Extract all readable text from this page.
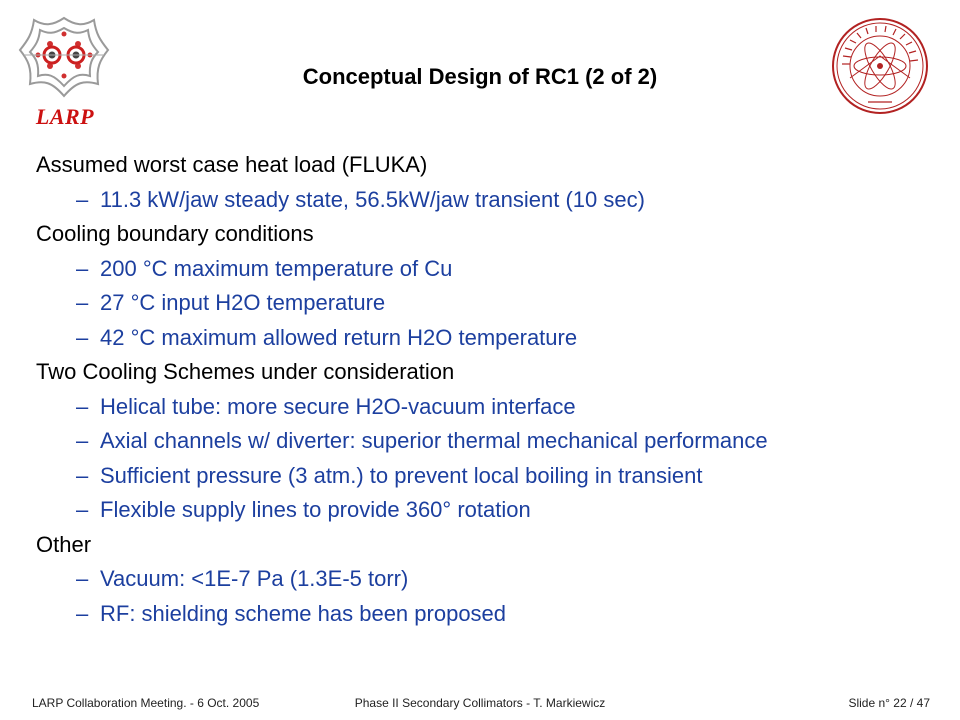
LARP
Conceptual Design of RC1 (2 of 2)
Assumed worst case heat load (FLUKA)
– 11.3 kW/jaw steady state, 56.5kW/jaw transient (10 sec)
Cooling boundary conditions
– 200 °C maximum temperature of Cu
– 27 °C input H2O temperature
– 42 °C maximum allowed return H2O temperature
Two Cooling Schemes under consideration
– Helical tube: more secure H2O-vacuum interface
– Axial channels w/ diverter: superior thermal mechanical performance
– Sufficient pressure (3 atm.) to prevent local boiling in transient
– Flexible supply lines to provide 360° rotation
Other
– Vacuum: <1E-7 Pa (1.3E-5 torr)
– RF: shielding scheme has been proposed
LARP Collaboration Meeting. - 6 Oct. 2005	Phase II Secondary Collimators - T. Markiewicz	Slide n° 22 / 47
